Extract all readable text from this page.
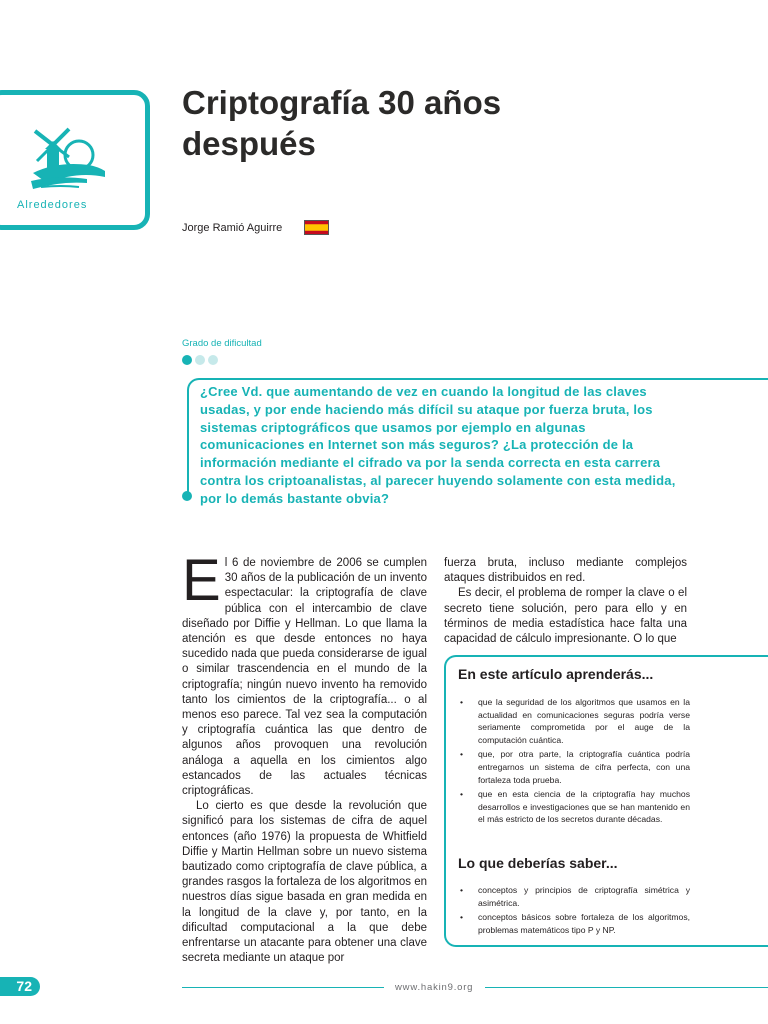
Alrededores
Criptografía 30 años
después
Jorge Ramió Aguirre
Grado de dificultad

¿Cree Vd. que aumentando de vez en cuando la longitud de las claves usadas, y por ende haciendo más difícil su ataque por fuerza bruta, los sistemas criptográficos que usamos por ejemplo en algunas comunicaciones en Internet son más seguros? ¿La protección de la información mediante el cifrado va por la senda correcta en esta carrera contra los criptoanalistas, al parecer huyendo solamente con esta medida, por lo demás bastante obvia?

El 6 de noviembre de 2006 se cumplen 30 años de la publicación de un invento espectacular: la criptografía de clave pública con el intercambio de clave diseñado por Diffie y Hellman. Lo que llama la atención es que desde entonces no haya sucedido nada que pueda considerarse de igual o similar trascendencia en el mundo de la criptografía; ningún nuevo invento ha removido tanto los cimientos de la criptografía... o al menos eso parece. Tal vez sea la computación y criptografía cuántica las que dentro de algunos años provoquen una revolución análoga a aquella en los cimientos algo estancados de las actuales técnicas criptográficas.

Lo cierto es que desde la revolución que significó para los sistemas de cifra de aquel entonces (año 1976) la propuesta de Whitfield Diffie y Martin Hellman sobre un nuevo sistema bautizado como criptografía de clave pública, a grandes rasgos la fortaleza de los algoritmos en nuestros días sigue basada en gran medida en la longitud de la clave y, por tanto, en la dificultad computacional a la que debe enfrentarse un atacante para obtener una clave secreta mediante un ataque por

fuerza bruta, incluso mediante complejos ataques distribuidos en red.

Es decir, el problema de romper la clave o el secreto tiene solución, pero para ello y en términos de media estadística hace falta una capacidad de cálculo impresionante. O lo que

En este artículo aprenderás...
• que la seguridad de los algoritmos que usamos en la actualidad en comunicaciones seguras podría verse seriamente comprometida por el auge de la computación cuántica.
• que, por otra parte, la criptografía cuántica podría entregarnos un sistema de cifra perfecta, con una fortaleza toda prueba.
• que en esta ciencia de la criptografía hay muchos desarrollos e investigaciones que se han mantenido en el más estricto de los secretos durante décadas.
Lo que deberías saber...
• conceptos y principios de criptografía simétrica y asimétrica.
• conceptos básicos sobre fortaleza de los algoritmos, problemas matemáticos tipo P y NP.
72	www.hakin9.org
